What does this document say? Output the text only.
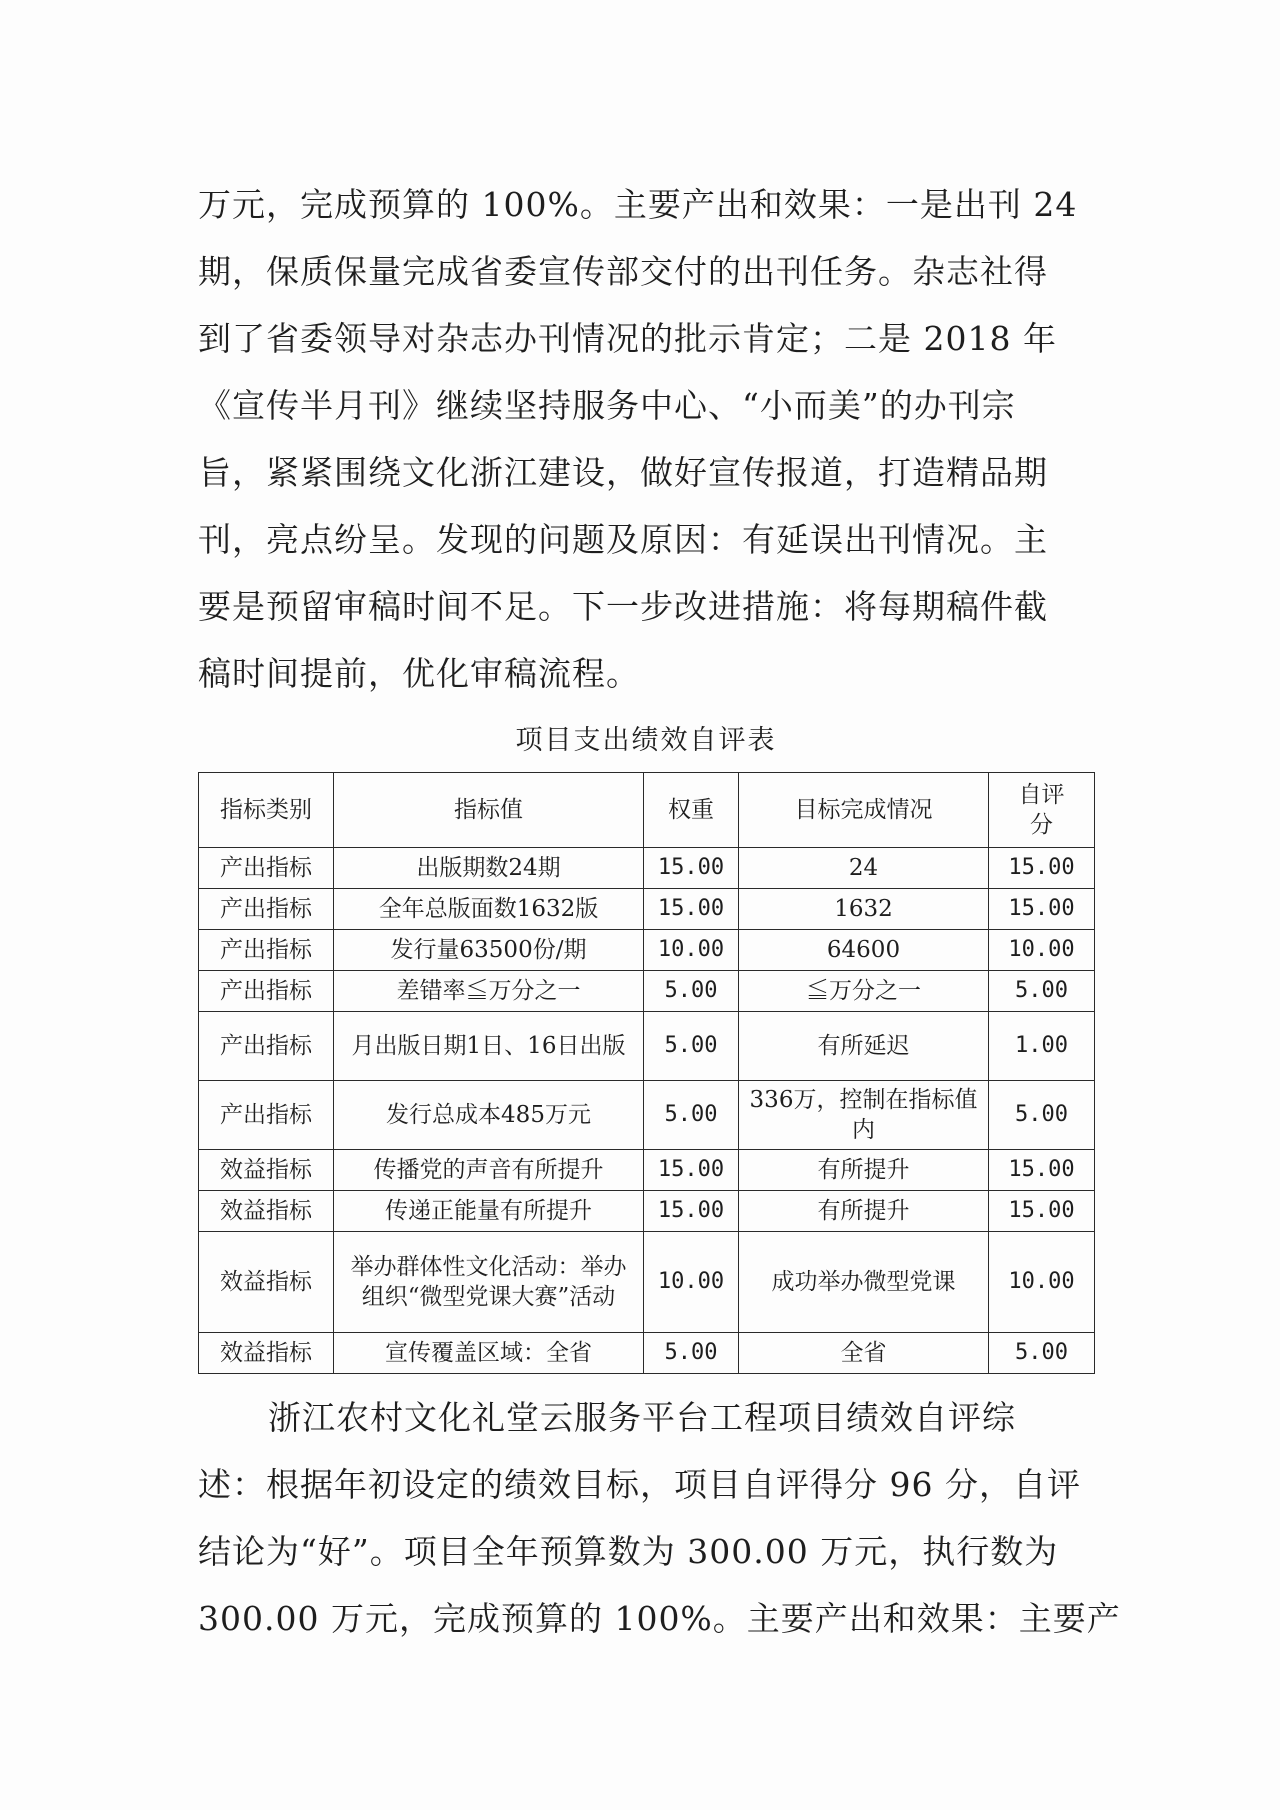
万元，完成预算的 100%。主要产出和效果：一是出刊 24
期，保质保量完成省委宣传部交付的出刊任务。杂志社得
到了省委领导对杂志办刊情况的批示肯定；二是 2018 年
《宣传半月刊》继续坚持服务中心、“小而美”的办刊宗
旨，紧紧围绕文化浙江建设，做好宣传报道，打造精品期
刊，亮点纷呈。发现的问题及原因：有延误出刊情况。主
要是预留审稿时间不足。下一步改进措施：将每期稿件截
稿时间提前，优化审稿流程。

项目支出绩效自评表

指标类别	指标值	权重	目标完成情况	自评分
产出指标	出版期数24期	15.00	24	15.00
产出指标	全年总版面数1632版	15.00	1632	15.00
产出指标	发行量63500份/期	10.00	64600	10.00
产出指标	差错率≦万分之一	5.00	≦万分之一	5.00
产出指标	月出版日期1日、16日出版	5.00	有所延迟	1.00
产出指标	发行总成本485万元	5.00	336万，控制在指标值内	5.00
效益指标	传播党的声音有所提升	15.00	有所提升	15.00
效益指标	传递正能量有所提升	15.00	有所提升	15.00
效益指标	举办群体性文化活动：举办组织“微型党课大赛”活动	10.00	成功举办微型党课	10.00
效益指标	宣传覆盖区域：全省	5.00	全省	5.00

浙江农村文化礼堂云服务平台工程项目绩效自评综
述：根据年初设定的绩效目标，项目自评得分 96 分，自评
结论为“好”。项目全年预算数为 300.00 万元，执行数为
300.00 万元，完成预算的 100%。主要产出和效果：主要产
